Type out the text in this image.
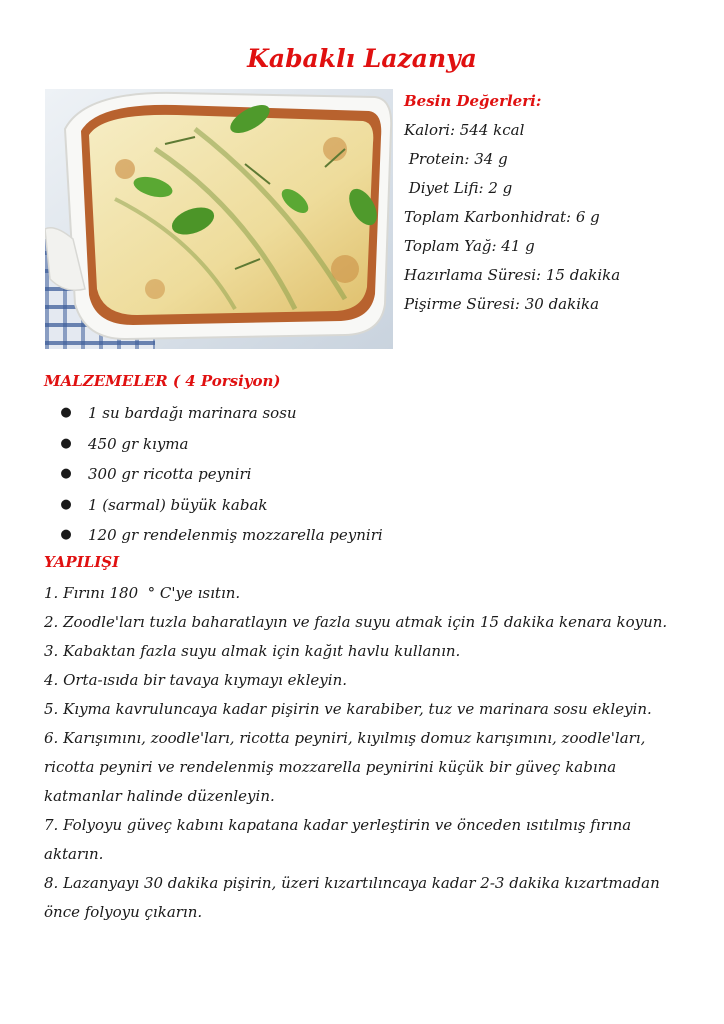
Kabaklı Lazanya
Besin Değerleri:
Kalori: 544 kcal
Protein: 34 g
Diyet Lifi: 2 g
Toplam Karbonhidrat: 6 g
Toplam Yağ: 41 g
Hazırlama Süresi: 15 dakika
Pişirme Süresi: 30 dakika
MALZEMELER ( 4 Porsiyon)
●	1 su bardağı marinara sosu
●	450 gr kıyma
●	300 gr ricotta peyniri
●	1 (sarmal) büyük kabak
●	120 gr rendelenmiş mozzarella peyniri
YAPILIŞI
1. Fırını 180  ° C'ye ısıtın.
2. Zoodle'ları tuzla baharatlayın ve fazla suyu atmak için 15 dakika kenara koyun.
3. Kabaktan fazla suyu almak için kağıt havlu kullanın.
4. Orta-ısıda bir tavaya kıymayı ekleyin.
5. Kıyma kavruluncaya kadar pişirin ve karabiber, tuz ve marinara sosu ekleyin.
6. Karışımını, zoodle'ları, ricotta peyniri, kıyılmış domuz karışımını, zoodle'ları, ricotta peyniri ve rendelenmiş mozzarella peynirini küçük bir güveç kabına katmanlar halinde düzenleyin.
7. Folyoyu güveç kabını kapatana kadar yerleştirin ve önceden ısıtılmış fırına aktarın.
8. Lazanyayı 30 dakika pişirin, üzeri kızartılıncaya kadar 2-3 dakika kızartmadan önce folyoyu çıkarın.
